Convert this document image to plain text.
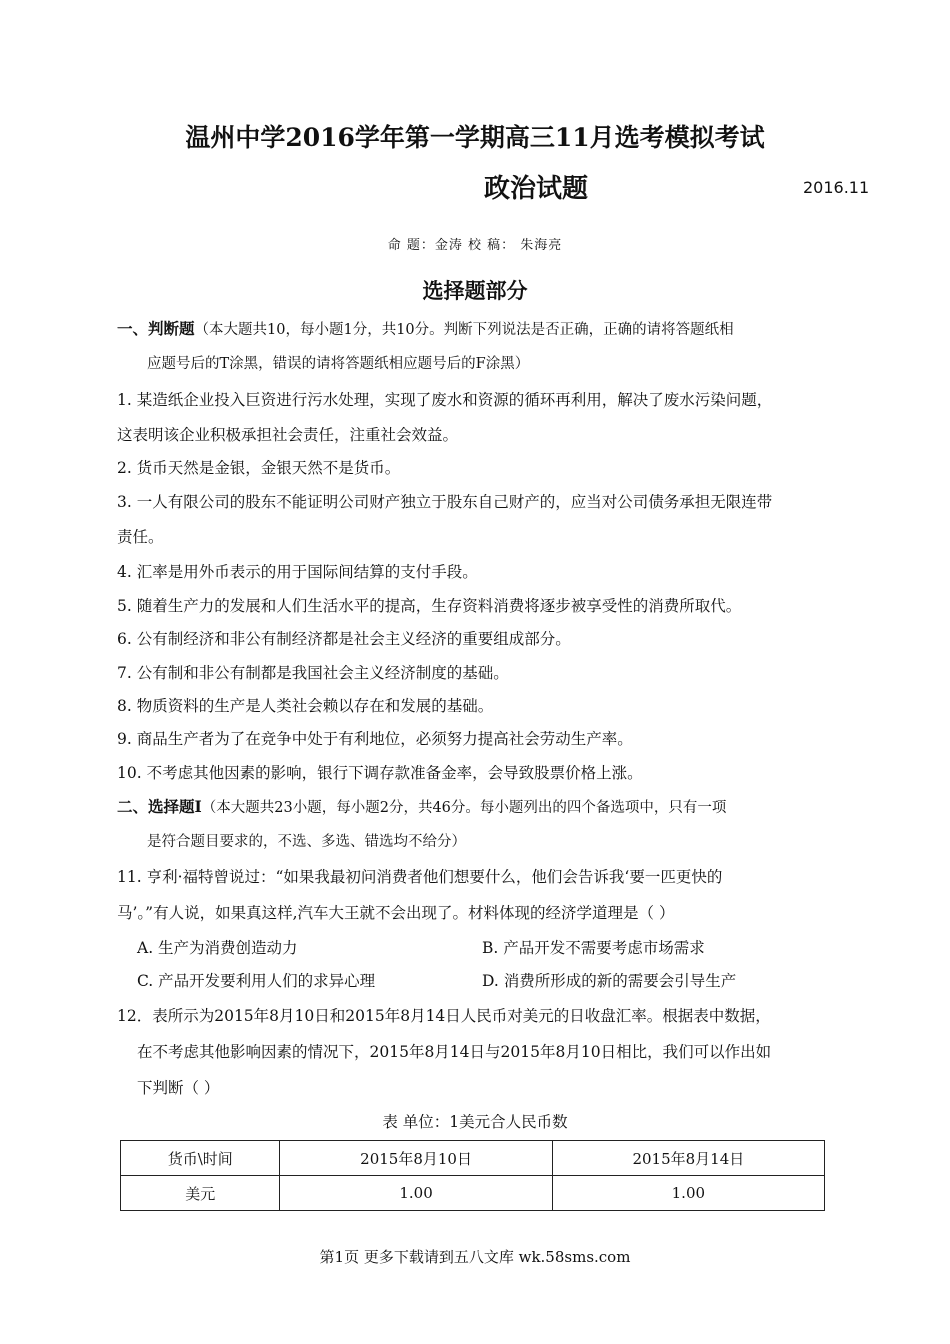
温州中学2016学年第一学期高三11月选考模拟考试
政治试题	2016.11
命 题：金涛 校 稿： 朱海亮
选择题部分
一、判断题（本大题共10，每小题1分，共10分。判断下列说法是否正确，正确的请将答题纸相
应题号后的T涂黑，错误的请将答题纸相应题号后的F涂黑）
1. 某造纸企业投入巨资进行污水处理，实现了废水和资源的循环再利用，解决了废水污染问题，
这表明该企业积极承担社会责任，注重社会效益。
2. 货币天然是金银，金银天然不是货币。
3. 一人有限公司的股东不能证明公司财产独立于股东自己财产的，应当对公司债务承担无限连带
责任。
4. 汇率是用外币表示的用于国际间结算的支付手段。
5. 随着生产力的发展和人们生活水平的提高，生存资料消费将逐步被享受性的消费所取代。
6. 公有制经济和非公有制经济都是社会主义经济的重要组成部分。
7. 公有制和非公有制都是我国社会主义经济制度的基础。
8. 物质资料的生产是人类社会赖以存在和发展的基础。
9. 商品生产者为了在竞争中处于有利地位，必须努力提高社会劳动生产率。
10. 不考虑其他因素的影响，银行下调存款准备金率，会导致股票价格上涨。
二、选择题Ⅰ（本大题共23小题，每小题2分，共46分。每小题列出的四个备选项中，只有一项
是符合题目要求的，不选、多选、错选均不给分）
11. 亨利·福特曾说过：“如果我最初问消费者他们想要什么，他们会告诉我‘要一匹更快的
马’。”有人说，如果真这样,汽车大王就不会出现了。材料体现的经济学道理是（ ）
A. 生产为消费创造动力	B. 产品开发不需要考虑市场需求
C. 产品开发要利用人们的求异心理	D. 消费所形成的新的需要会引导生产
12．表所示为2015年8月10日和2015年8月14日人民币对美元的日收盘汇率。根据表中数据，
在不考虑其他影响因素的情况下，2015年8月14日与2015年8月10日相比，我们可以作出如
下判断（ ）
表 单位：1美元合人民币数
货币\时间	2015年8月10日	2015年8月14日
美元	1.00	1.00
第1页 更多下载请到五八文库 wk.58sms.com
